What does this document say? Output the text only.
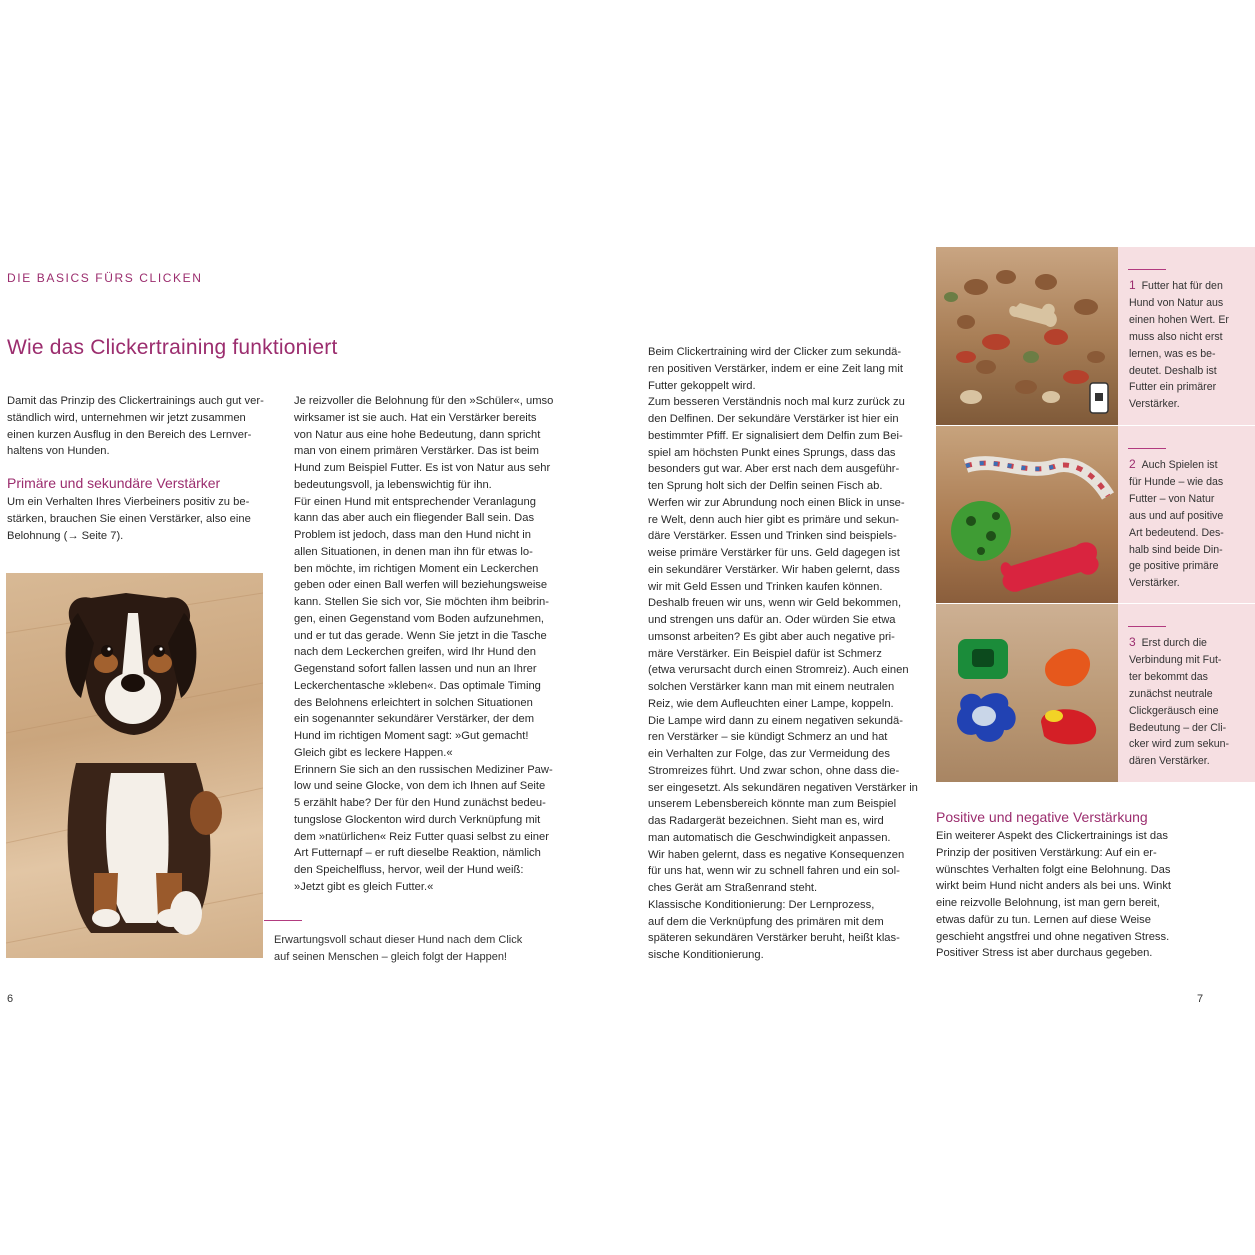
DIE BASICS FÜRS CLICKEN
Wie das Clickertraining funktioniert
Damit das Prinzip des Clickertrainings auch gut ver-
ständlich wird, unternehmen wir jetzt zusammen
einen kurzen Ausflug in den Bereich des Lernver-
haltens von Hunden.
Primäre und sekundäre Verstärker
Um ein Verhalten Ihres Vierbeiners positiv zu be-
stärken, brauchen Sie einen Verstärker, also eine
Belohnung (→ Seite 7).
Je reizvoller die Belohnung für den »Schüler«, umso
wirksamer ist sie auch. Hat ein Verstärker bereits
von Natur aus eine hohe Bedeutung, dann spricht
man von einem primären Verstärker. Das ist beim
Hund zum Beispiel Futter. Es ist von Natur aus sehr
bedeutungsvoll, ja lebenswichtig für ihn.
Für einen Hund mit entsprechender Veranlagung
kann das aber auch ein fliegender Ball sein. Das
Problem ist jedoch, dass man den Hund nicht in
allen Situationen, in denen man ihn für etwas lo-
ben möchte, im richtigen Moment ein Leckerchen
geben oder einen Ball werfen will beziehungsweise
kann. Stellen Sie sich vor, Sie möchten ihm beibrin-
gen, einen Gegenstand vom Boden aufzunehmen,
und er tut das gerade. Wenn Sie jetzt in die Tasche
nach dem Leckerchen greifen, wird Ihr Hund den
Gegenstand sofort fallen lassen und nun an Ihrer
Leckerchentasche »kleben«. Das optimale Timing
des Belohnens erleichtert in solchen Situationen
ein sogenannter sekundärer Verstärker, der dem
Hund im richtigen Moment sagt: »Gut gemacht!
Gleich gibt es leckere Happen.«
Erinnern Sie sich an den russischen Mediziner Paw-
low und seine Glocke, von dem ich Ihnen auf Seite
5 erzählt habe? Der für den Hund zunächst bedeu-
tungslose Glockenton wird durch Verknüpfung mit
dem »natürlichen« Reiz Futter quasi selbst zu einer
Art Futternapf – er ruft dieselbe Reaktion, nämlich
den Speichelfluss, hervor, weil der Hund weiß:
»Jetzt gibt es gleich Futter.«
Erwartungsvoll schaut dieser Hund nach dem Click
auf seinen Menschen – gleich folgt der Happen!
6
Beim Clickertraining wird der Clicker zum sekundä-
ren positiven Verstärker, indem er eine Zeit lang mit
Futter gekoppelt wird.
Zum besseren Verständnis noch mal kurz zurück zu
den Delfinen. Der sekundäre Verstärker ist hier ein
bestimmter Pfiff. Er signalisiert dem Delfin zum Bei-
spiel am höchsten Punkt eines Sprungs, dass das
besonders gut war. Aber erst nach dem ausgeführ-
ten Sprung holt sich der Delfin seinen Fisch ab.
Werfen wir zur Abrundung noch einen Blick in unse-
re Welt, denn auch hier gibt es primäre und sekun-
däre Verstärker. Essen und Trinken sind beispiels-
weise primäre Verstärker für uns. Geld dagegen ist
ein sekundärer Verstärker. Wir haben gelernt, dass
wir mit Geld Essen und Trinken kaufen können.
Deshalb freuen wir uns, wenn wir Geld bekommen,
und strengen uns dafür an. Oder würden Sie etwa
umsonst arbeiten? Es gibt aber auch negative pri-
märe Verstärker. Ein Beispiel dafür ist Schmerz
(etwa verursacht durch einen Stromreiz). Auch einen
solchen Verstärker kann man mit einem neutralen
Reiz, wie dem Aufleuchten einer Lampe, koppeln.
Die Lampe wird dann zu einem negativen sekundä-
ren Verstärker – sie kündigt Schmerz an und hat
ein Verhalten zur Folge, das zur Vermeidung des
Stromreizes führt. Und zwar schon, ohne dass die-
ser eingesetzt. Als sekundären negativen Verstärker in
unserem Lebensbereich könnte man zum Beispiel
das Radargerät bezeichnen. Sieht man es, wird
man automatisch die Geschwindigkeit anpassen.
Wir haben gelernt, dass es negative Konsequenzen
für uns hat, wenn wir zu schnell fahren und ein sol-
ches Gerät am Straßenrand steht.
Klassische Konditionierung: Der Lernprozess,
auf dem die Verknüpfung des primären mit dem
späteren sekundären Verstärker beruht, heißt klas-
sische Konditionierung.
1 Futter hat für den
Hund von Natur aus
einen hohen Wert. Er
muss also nicht erst
lernen, was es be-
deutet. Deshalb ist
Futter ein primärer
Verstärker.
2 Auch Spielen ist
für Hunde – wie das
Futter – von Natur
aus und auf positive
Art bedeutend. Des-
halb sind beide Din-
ge positive primäre
Verstärker.
3 Erst durch die
Verbindung mit Fut-
ter bekommt das
zunächst neutrale
Clickgeräusch eine
Bedeutung – der Cli-
cker wird zum sekun-
dären Verstärker.
Positive und negative Verstärkung
Ein weiterer Aspekt des Clickertrainings ist das
Prinzip der positiven Verstärkung: Auf ein er-
wünschtes Verhalten folgt eine Belohnung. Das
wirkt beim Hund nicht anders als bei uns. Winkt
eine reizvolle Belohnung, ist man gern bereit,
etwas dafür zu tun. Lernen auf diese Weise
geschieht angstfrei und ohne negativen Stress.
Positiver Stress ist aber durchaus gegeben.
7
